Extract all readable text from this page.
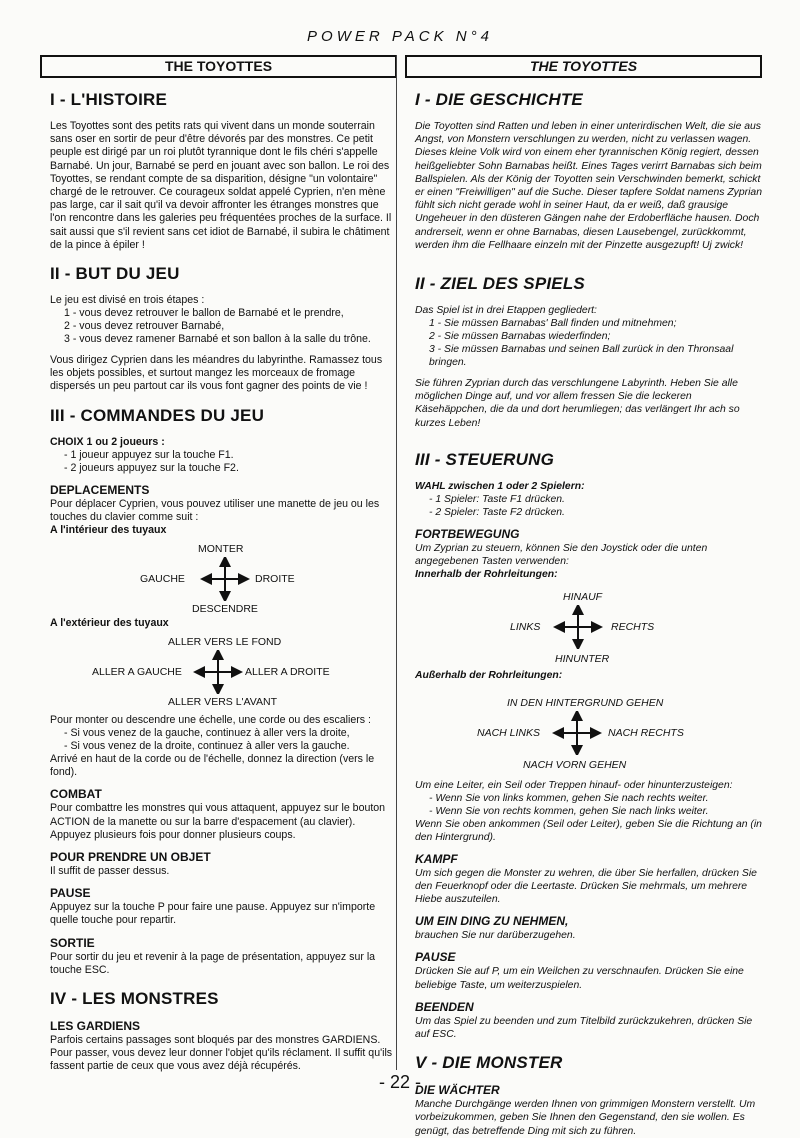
POWER PACK N°4
THE TOYOTTES
I - L'HISTOIRE

Les Toyottes sont des petits rats qui vivent dans un monde souterrain sans oser en sortir de peur d'être dévorés par des monstres. Ce petit peuple est dirigé par un roi plutôt tyrannique dont le fils chéri s'appelle Barnabé. Un jour, Barnabé se perd en jouant avec son ballon. Le roi des Toyottes, se rendant compte de sa disparition, désigne "un volontaire" chargé de le retrouver. Ce courageux soldat appelé Cyprien, n'en mène pas large, car il sait qu'il va devoir affronter les étranges monstres que l'on rencontre dans les galeries peu fréquentées proches de la surface. Il sait aussi que s'il revient sans cet idiot de Barnabé, il subira le châtiment de la pince à épiler !

II - BUT DU JEU
Le jeu est divisé en trois étapes :
1 - vous devez retrouver le ballon de Barnabé et le prendre,
2 - vous devez retrouver Barnabé,
3 - vous devez ramener Barnabé et son ballon à la salle du trône.

Vous dirigez Cyprien dans les méandres du labyrinthe. Ramassez tous les objets possibles, et surtout mangez les morceaux de fromage dispersés un peu partout car ils vous font gagner des points de vie !

III - COMMANDES DU JEU
CHOIX 1 ou 2 joueurs :
- 1 joueur appuyez sur la touche F1.
- 2 joueurs appuyez sur la touche F2.
DEPLACEMENTS

Pour déplacer Cyprien, vous pouvez utiliser une manette de jeu ou les touches du clavier comme suit :

A l'intérieur des tuyaux

MONTER
GAUCHE	DROITE
DESCENDRE

A l'extérieur des tuyaux

ALLER VERS LE FOND
ALLER A GAUCHE	ALLER A DROITE
ALLER VERS L'AVANT
Pour monter ou descendre une échelle, une corde ou des escaliers :
- Si vous venez de la gauche, continuez à aller vers la droite,
- Si vous venez de la droite, continuez à aller vers la gauche.
Arrivé en haut de la corde ou de l'échelle, donnez la direction (vers le fond).
COMBAT

Pour combattre les monstres qui vous attaquent, appuyez sur le bouton ACTION de la manette ou sur la barre d'espacement (au clavier). Appuyez plusieurs fois pour donner plusieurs coups.

POUR PRENDRE UN OBJET

Il suffit de passer dessus.

PAUSE

Appuyez sur la touche P pour faire une pause. Appuyez sur n'importe quelle touche pour repartir.

SORTIE

Pour sortir du jeu et revenir à la page de présentation, appuyez sur la touche ESC.

IV - LES MONSTRES
LES GARDIENS

Parfois certains passages sont bloqués par des monstres GARDIENS. Pour passer, vous devez leur donner l'objet qu'ils réclament. Il suffit qu'ils fassent partie de ceux que vous avez déjà récupérés.

THE TOYOTTES
I - DIE GESCHICHTE

Die Toyotten sind Ratten und leben in einer unterirdischen Welt, die sie aus Angst, von Monstern verschlungen zu werden, nicht zu verlassen wagen. Dieses kleine Volk wird von einem eher tyrannischen König regiert, dessen heißgeliebter Sohn Barnabas heißt. Eines Tages verirrt Barnabas sich beim Ballspielen. Als der König der Toyotten sein Verschwinden bemerkt, schickt er einen "Freiwilligen" auf die Suche. Dieser tapfere Soldat namens Zyprian fühlt sich nicht gerade wohl in seiner Haut, da er weiß, daß grausige Ungeheuer in den düsteren Gängen nahe der Erdoberfläche hausen. Doch andrerseit, wenn er ohne Barnabas, diesen Lausebengel, zurückkommt, werden ihm die Fellhaare einzeln mit der Pinzette ausgezupft! Uj zwick!

II - ZIEL DES SPIELS
Das Spiel ist in drei Etappen gegliedert:
1 - Sie müssen Barnabas' Ball finden und mitnehmen;
2 - Sie müssen Barnabas wiederfinden;
3 - Sie müssen Barnabas und seinen Ball zurück in den Thronsaal bringen.

Sie führen Zyprian durch das verschlungene Labyrinth. Heben Sie alle möglichen Dinge auf, und vor allem fressen Sie die leckeren Käsehäppchen, die da und dort herumliegen; das verlängert Ihr ach so kurzes Leben!

III - STEUERUNG
WAHL zwischen 1 oder 2 Spielern:
- 1 Spieler: Taste F1 drücken.
- 2 Spieler: Taste F2 drücken.
FORTBEWEGUNG

Um Zyprian zu steuern, können Sie den Joystick oder die unten angegebenen Tasten verwenden:

Innerhalb der Rohrleitungen:

HINAUF
LINKS	RECHTS
HINUNTER

Außerhalb der Rohrleitungen:

IN DEN HINTERGRUND GEHEN
NACH LINKS	NACH RECHTS
NACH VORN GEHEN
Um eine Leiter, ein Seil oder Treppen hinauf- oder hinunterzusteigen:
- Wenn Sie von links kommen, gehen Sie nach rechts weiter.
- Wenn Sie von rechts kommen, gehen Sie nach links weiter.
Wenn Sie oben ankommen (Seil oder Leiter), geben Sie die Richtung an (in den Hintergrund).
KAMPF

Um sich gegen die Monster zu wehren, die über Sie herfallen, drücken Sie den Feuerknopf oder die Leertaste. Drücken Sie mehrmals, um mehrere Hiebe auszuteilen.

UM EIN DING ZU NEHMEN,

brauchen Sie nur darüberzugehen.

PAUSE

Drücken Sie auf P, um ein Weilchen zu verschnaufen. Drücken Sie eine beliebige Taste, um weiterzuspielen.

BEENDEN

Um das Spiel zu beenden und zum Titelbild zurückzukehren, drücken Sie auf ESC.

V - DIE MONSTER
DIE WÄCHTER

Manche Durchgänge werden Ihnen von grimmigen Monstern verstellt. Um vorbeizukommen, geben Sie Ihnen den Gegenstand, den sie wollen. Es genügt, das betreffende Ding mit sich zu führen.

- 22 -
